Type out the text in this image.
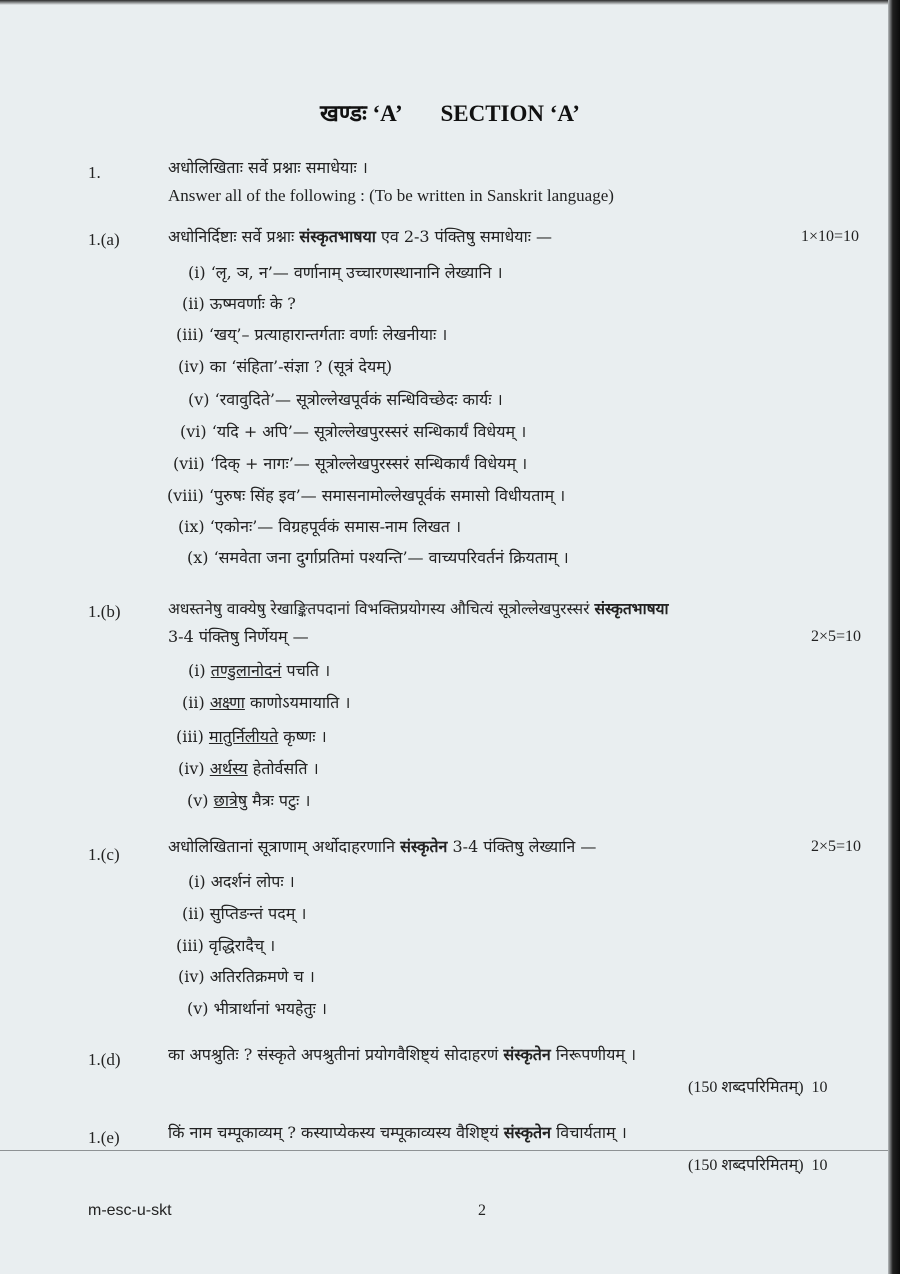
खण्डः ‘A’ SECTION ‘A’
1.	अधोलिखिताः सर्वे प्रश्नाः समाधेयाः ।
Answer all of the following : (To be written in Sanskrit language)
1.(a)	अधोनिर्दिष्टाः सर्वे प्रश्नाः संस्कृतभाषया एव 2-3 पंक्तिषु समाधेयाः —	1×10=10
(i) ‘लृ, ञ, न’— वर्णानाम् उच्चारणस्थानानि लेख्यानि ।
(ii) ऊष्मवर्णाः के ?
(iii) ‘खय्’– प्रत्याहारान्तर्गताः वर्णाः लेखनीयाः ।
(iv) का ‘संहिता’-संज्ञा ? (सूत्रं देयम्)
(v) ‘रवावुदिते’— सूत्रोल्लेखपूर्वकं सन्धिविच्छेदः कार्यः ।
(vi) ‘यदि + अपि’— सूत्रोल्लेखपुरस्सरं सन्धिकार्यं विधेयम् ।
(vii) ‘दिक् + नागः’— सूत्रोल्लेखपुरस्सरं सन्धिकार्यं विधेयम् ।
(viii) ‘पुरुषः सिंह इव’— समासनामोल्लेखपूर्वकं समासो विधीयताम् ।
(ix) ‘एकोनः’— विग्रहपूर्वकं समास-नाम लिखत ।
(x) ‘समवेता जना दुर्गाप्रतिमां पश्यन्ति’— वाच्यपरिवर्तनं क्रियताम् ।
1.(b)	अधस्तनेषु वाक्येषु रेखाङ्कितपदानां विभक्तिप्रयोगस्य औचित्यं सूत्रोल्लेखपुरस्सरं संस्कृतभाषया
3-4 पंक्तिषु निर्णेयम् —	2×5=10
(i) तण्डुलानोदनं पचति ।
(ii) अक्ष्णा काणोऽयमायाति ।
(iii) मातुर्निलीयते कृष्णः ।
(iv) अर्थस्य हेतोर्वसति ।
(v) छात्रेषु मैत्रः पटुः ।
1.(c)	अधोलिखितानां सूत्राणाम् अर्थोदाहरणानि संस्कृतेन 3-4 पंक्तिषु लेख्यानि —	2×5=10
(i) अदर्शनं लोपः ।
(ii) सुप्तिङन्तं पदम् ।
(iii) वृद्धिरादैच् ।
(iv) अतिरतिक्रमणे च ।
(v) भीत्रार्थानां भयहेतुः ।
1.(d)	का अपश्रुतिः ? संस्कृते अपश्रुतीनां प्रयोगवैशिष्ट्यं सोदाहरणं संस्कृतेन निरूपणीयम् ।
(150 शब्दपरिमितम्)  10
1.(e)	किं नाम चम्पूकाव्यम् ? कस्याप्येकस्य चम्पूकाव्यस्य वैशिष्ट्यं संस्कृतेन विचार्यताम् ।
(150 शब्दपरिमितम्)  10
m-esc-u-skt	2
